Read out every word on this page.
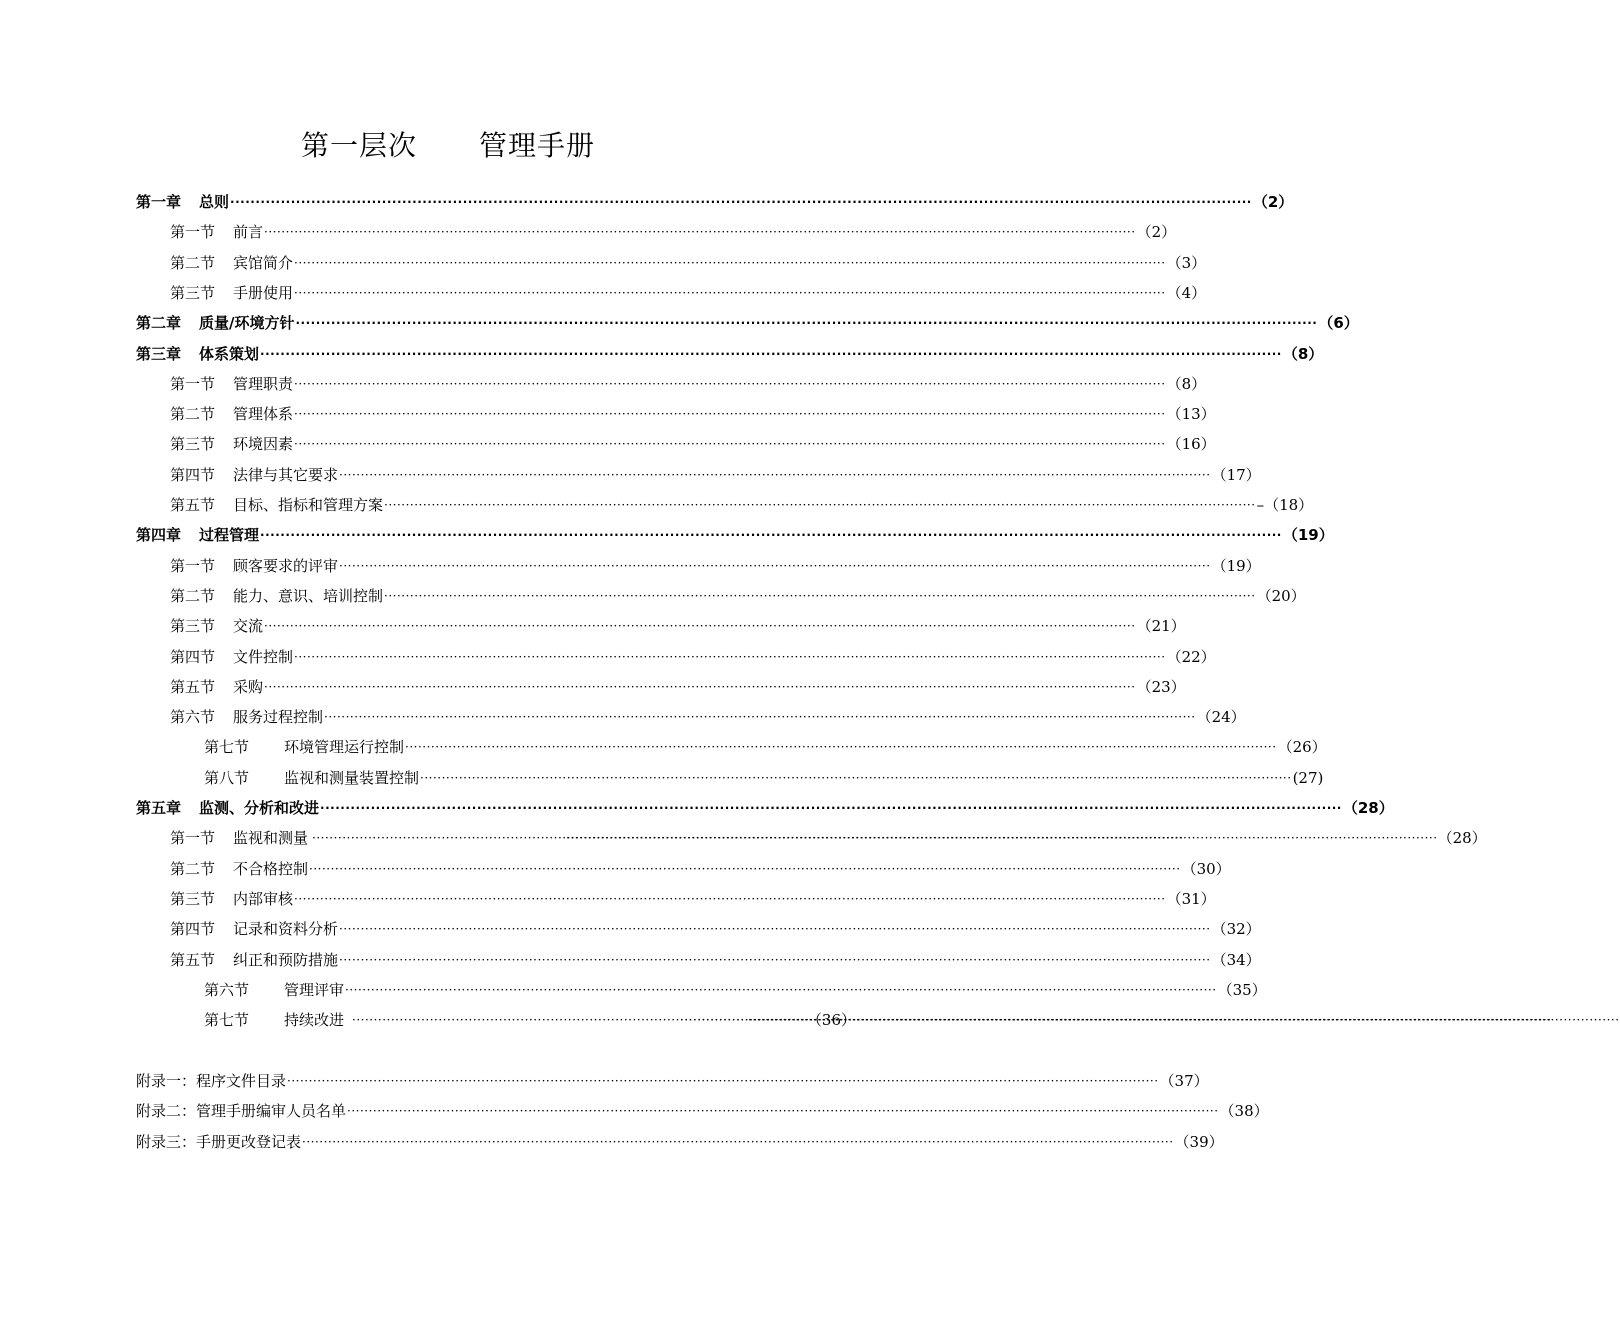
第一层次 管理手册
第一章 总则 ·····	（2）
第一节 前言 ·····	（2）
第二节 宾馆简介 ·····	（3）
第三节 手册使用 ·····	（4）
第二章 质量/环境方针 ·····	（6）
第三章 体系策划 ·····	（8）
第一节 管理职责 ·····	（8）
第二节 管理体系 ·····	（13）
第三节 环境因素 ·····	（16）
第四节 法律与其它要求 ·····	（17）
第五节 目标、指标和管理方案 ·····	–（18）
第四章 过程管理 ·····	（19）
第一节 顾客要求的评审 ·····	（19）
第二节 能力、意识、培训控制 ·····	（20）
第三节 交流 ·····	（21）
第四节 文件控制 ·····	（22）
第五节 采购 ·····	（23）
第六节 服务过程控制 ·····	（24）
第七节 环境管理运行控制 ·····	（26）
第八节 监视和测量装置控制 ·····	(27)
第五章 监测、分析和改进 ·····	（28）
第一节 监视和测量 ····· ·····	（28）
第二节 不合格控制 ·····	（30）
第三节 内部审核 ·····	（31）
第四节 记录和资料分析 ·····	（32）
第五节 纠正和预防措施 ·····	（34）
第六节 管理评审 ·····	（35）
第七节 持续改进 ····· ····· ·····	（36）
附录一：程序文件目录 ·····	（37）
附录二：管理手册编审人员名单 ·····	（38）
附录三：手册更改登记表 ·····	（39）
